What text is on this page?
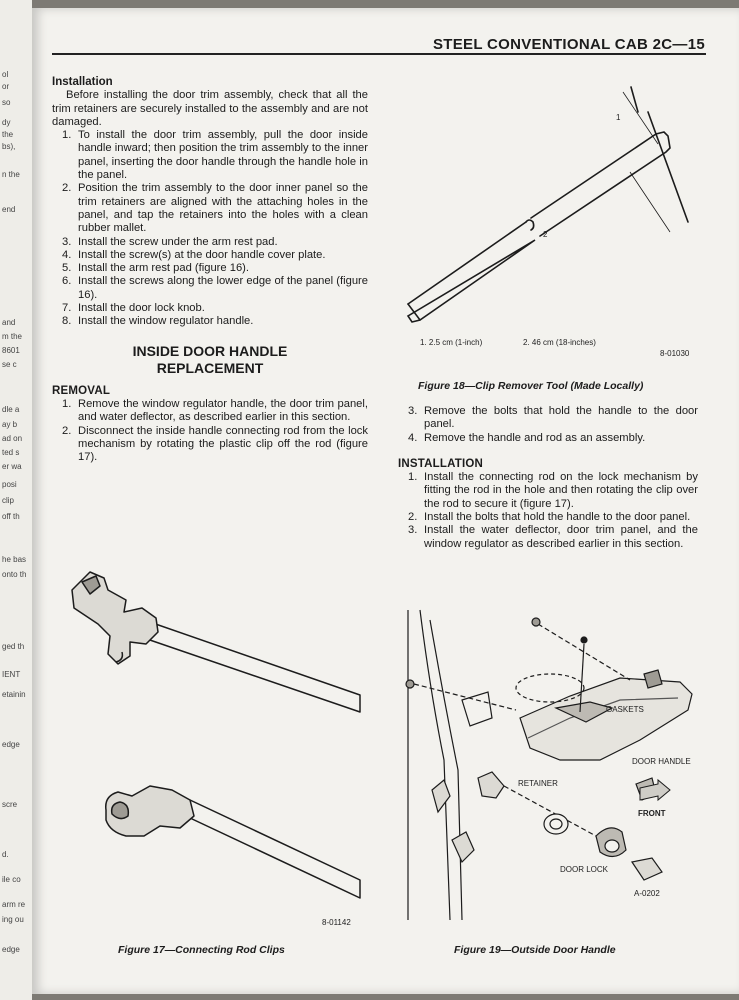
ol
or
so
dy
the
bs),
n the
end
and
m the
8601
se c
dle a
ay b
ad on
ted s
er wa
posi
clip
off th
he bas
onto th
ged th
IENT
etainin
edge
scre
d.
ile co
arm re
ing ou
edge
STEEL CONVENTIONAL CAB 2C—15

Installation

Before installing the door trim assembly, check that all the trim retainers are securely installed to the assembly and are not damaged.

1. To install the door trim assembly, pull the door inside handle inward; then position the trim assembly to the inner panel, inserting the door handle through the handle hole in the panel.
2. Position the trim assembly to the door inner panel so the trim retainers are aligned with the attaching holes in the panel, and tap the retainers into the holes with a clean rubber mallet.
3. Install the screw under the arm rest pad.
4. Install the screw(s) at the door handle cover plate.
5. Install the arm rest pad (figure 16).
6. Install the screws along the lower edge of the panel (figure 16).
7. Install the door lock knob.
8. Install the window regulator handle.
INSIDE DOOR HANDLE
REPLACEMENT

REMOVAL

1. Remove the window regulator handle, the door trim panel, and water deflector, as described earlier in this section.
2. Disconnect the inside handle connecting rod from the lock mechanism by rotating the plastic clip off the rod (figure 17).
1
2
1. 2.5 cm (1-inch)	2. 46 cm (18-inches)
8-01030
Figure 18—Clip Remover Tool (Made Locally)
3. Remove the bolts that hold the handle to the door panel.
4. Remove the handle and rod as an assembly.

INSTALLATION

1. Install the connecting rod on the lock mechanism by fitting the rod in the hole and then rotating the clip over the rod to secure it (figure 17).
2. Install the bolts that hold the handle to the door panel.
3. Install the water deflector, door trim panel, and the window regulator as described earlier in this section.
8-01142
Figure 17—Connecting Rod Clips
GASKETS
DOOR HANDLE
RETAINER
FRONT
DOOR LOCK
A-0202
Figure 19—Outside Door Handle
